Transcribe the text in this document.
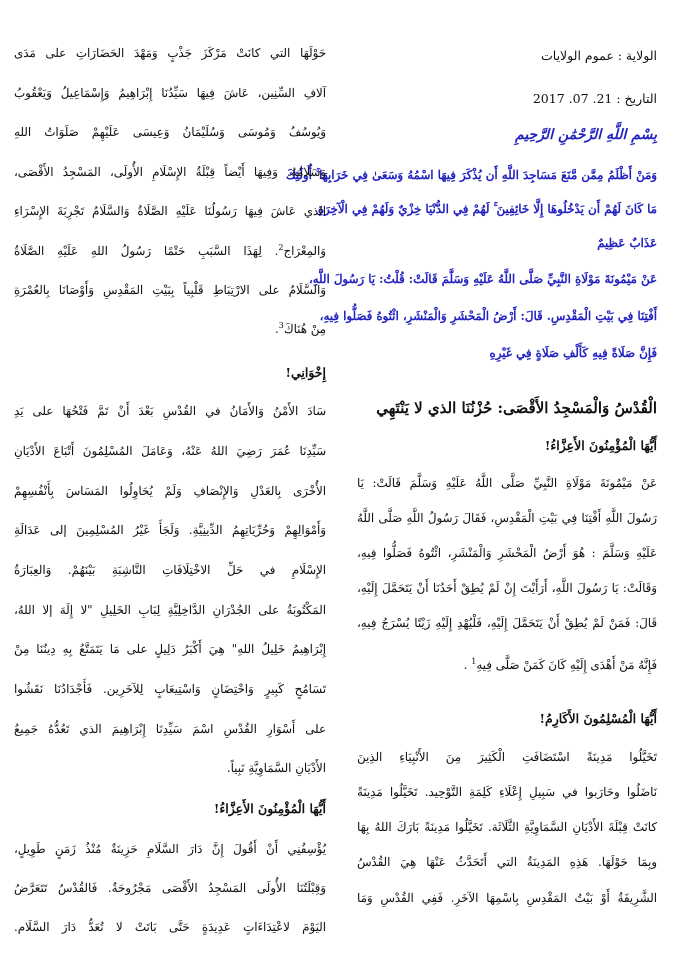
الولاية : عموم الولايات
التاريخ : 21. 07. 2017
بِسْمِ اللَّهِ الرَّحْمَٰنِ الرَّحِيمِ
وَمَنْ أَظْلَمُ مِمَّن مَّنَعَ مَسَاجِدَ اللَّهِ أَن يُذْكَرَ فِيهَا اسْمُهُ وَسَعَىٰ فِي خَرَابِهَا ۚ أُولَٰئِكَ
مَا كَانَ لَهُمْ أَن يَدْخُلُوهَا إِلَّا خَائِفِينَ ۚ لَهُمْ فِي الدُّنْيَا خِزْيٌ وَلَهُمْ فِي الْآخِرَةِ
عَذَابٌ عَظِيمٌ
عَنْ مَيْمُونَةَ مَوْلَاةِ النَّبِيِّ صَلَّى اللَّهُ عَلَيْهِ وَسَلَّمَ قَالَتْ: قُلْتُ: يَا رَسُولَ اللَّهِ،
أَفْتِنَا فِي بَيْتِ الْمَقْدِسِ. قَالَ: أَرْضُ الْمَحْشَرِ وَالْمَنْشَرِ، ائْتُوهُ فَصَلُّوا فِيهِ،
فَإِنَّ صَلَاةً فِيهِ كَأَلْفِ صَلَاةٍ فِي غَيْرِهِ
الْقُدْسُ وَالْمَسْجِدُ الأَقْصَى: حُزْنُنَا الذي لا يَنْتَهِي
أَيُّهَا الْمُؤْمِنُونَ الأَعِزَّاءُ!
عَنْ مَيْمُونَةَ مَوْلَاةِ النَّبِيِّ صَلَّى اللَّهُ عَلَيْهِ وَسَلَّمَ قَالَتْ: يَا
رَسُولَ اللَّهِ أَفْتِنَا فِي بَيْتِ الْمَقْدِسِ، فَقَالَ رَسُولُ اللَّهِ صَلَّى اللَّهُ
عَلَيْهِ وَسَلَّمَ : هُوَ أَرْضُ الْمَحْشَرِ وَالْمَنْشَرِ، ائْتُوهُ فَصَلُّوا فِيهِ،
وَقَالَتْ: يَا رَسُولَ اللَّهِ، أَرَأَيْتَ إِنْ لَمْ يُطِقْ أَحَدُنَا أَنْ يَتَحَمَّلَ إِلَيْهِ،
قَالَ: فَمَنْ لَمْ يُطِقْ أَنْ يَتَحَمَّلَ إِلَيْهِ، فَلْيُهْدِ إِلَيْهِ زَيْتًا يُسْرَجُ فِيهِ،
فَإِنَّهُ مَنْ أَهْدَى إِلَيْهِ كَانَ كَمَنْ صَلَّى فِيهِ$^1$ .
أَيُّهَا الْمُسْلِمُونَ الأَكَارِمُ!
تَخَيَّلُوا مَدِينَةً اسْتَضَافَتِ الْكَثِيرَ مِنَ الأَنْبِيَاءِ الذِينَ
نَاضَلُوا وحَارَبوا في سَبِيلِ إِعْلَاءِ كَلِمَةِ التَّوْحِيد. تَخَيَّلُوا مَدِينَةً
كانَتْ قِبْلَةَ الأَدْيَانِ السَّمَاوِيَّةِ الثَّلَاثَة. تَخَيَّلُوا مَدِينَةً بَارَكَ اللهُ بِهَا
وبِمَا حَوْلَهَا. هَذِهِ المَدِينَةُ التي أَتَحَدَّثُ عَنْهَا هِيَ القُدْسُ
الشَّرِيفَةُ أَوْ بَيْتُ المَقْدِسِ بِاسْمِهَا الآخَرِ. فَفِي القُدْسِ وَمَا
حَوْلَهَا التي كانَتْ مَرْكَزَ جَذْبٍ وَمَهْدَ الحَضَارَاتِ على مَدَى
آلافِ السِّنِين، عَاشَ فِيهَا سَيِّدُنَا إِبْرَاهِيمُ وَإِسْمَاعِيلُ وَيَعْقُوبُ
وَيُوسُفُ وَمُوسَى وَسُلَيْمَانُ وَعِيسَى عَلَيْهِمْ صَلَوَاتُ اللهِ
وَسَلَامُهُ. وَفِيهَا أَيْضاً قِبْلَةُ الإِسْلَامِ الأُولَى، المَسْجِدُ الأَقْصَى،
الذي عَاشَ فِيهَا رَسُولُنَا عَلَيْهِ الصَّلَاةُ وَالسَّلَامُ تَجْرِبَةَ الإِسْرَاءِ
وَالمِعْرَاج$^2$. لِهَذَا السَّبَبِ حَتْمًا رَسُولُ اللهِ عَلَيْهِ الصَّلَاةُ
وَالسَّلَامُ على الارْتِبَاطِ قَلْبِياً بِبَيْتِ المَقْدِسِ وَأَوْصَانَا بِالعُمْرَةِ
مِنْ هُنَاكَ$^3$.
إِخْوَانِي!
سَادَ الأَمْنُ وَالأَمَانُ في القُدْسِ بَعْدَ أَنْ تَمَّ فَتْحُهَا على يَدِ
سَيِّدِنَا عُمَرَ رَضِيَ اللهُ عَنْهُ، وَعَامَلَ المُسْلِمُونَ أَتْبَاعَ الأَدْيَانِ
الأُخْرَى بِالعَدْلِ وَالإِنْصَافِ وَلَمْ يُحَاوِلُوا المَسَاسَ بِأَنْفُسِهِمْ
وَأَمْوَالِهِمْ وَحُرِّيَاتِهِمُ الدِّينِيَّةِ. وَلَجَأَ غَيْرُ المُسْلِمِينَ إلى عَدَالَةِ
الإِسْلَامِ في حَلِّ الاخْتِلَافَاتِ النَّاشِبَةِ بَيْنَهُمْ. وَالعِبَارَةُ
المَكْتُوبَةُ على الجُدْرَانِ الدَّاخِلِيَّةِ لِبَابِ الخَلِيلِ "لا إِلَهَ إلا اللهُ،
إِبْرَاهِيمُ خَلِيلُ اللهِ" هِيَ أَكْبَرُ دَلِيلٍ على مَا يَتَمَتَّعُ بِهِ دِينُنَا مِنْ
تَسَامُحٍ كَبِيرٍ وَاحْتِضَانٍ وَاسْتِيعَابٍ لِلآخَرِين. فَأَجْدَادُنَا نَقَشُوا
على أَسْوَارِ القُدْسِ اسْمَ سَيِّدِنَا إِبْرَاهِيمَ الذي تَعُدُّهُ جَمِيعُ
الأَدْيَانِ السَّمَاوِيَّةِ نَبِياً.
أَيُّهَا الْمُؤْمِنُونَ الأَعِزَّاءُ!
يُؤْسِفُنِي أَنْ أَقُولَ إِنَّ دَارَ السَّلَامِ حَزِينَةٌ مُنْذُ زَمَنٍ طَوِيلٍ،
وَقِبْلَتُنَا الأُولَى المَسْجِدُ الأَقْصَى مَجْرُوحَةٌ. فَالقُدْسُ تَتَعَرَّضُ
اليَوْمَ لاعْتِدَاءَاتٍ عَدِيدَةٍ حَتَّى بَاتَتْ لا تُعَدُّ دَارَ السَّلَام.
